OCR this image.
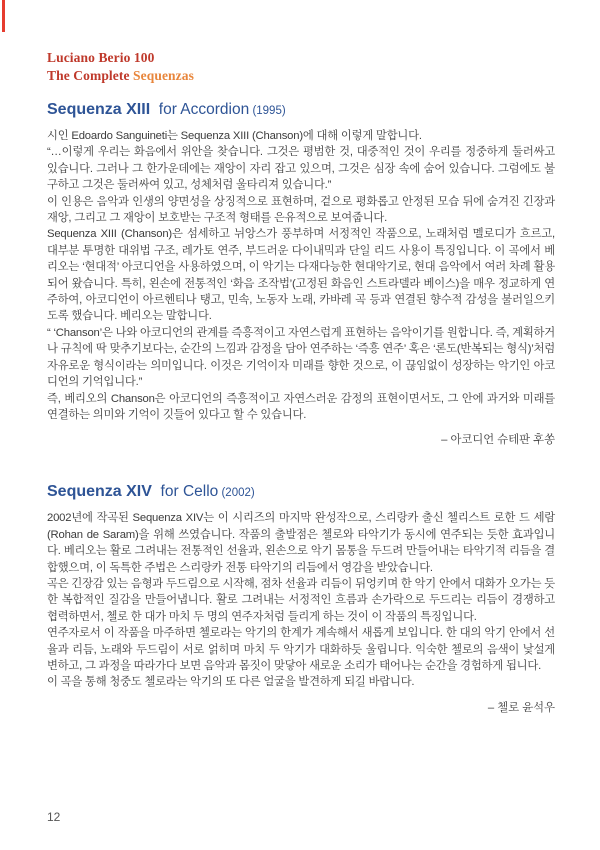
Luciano Berio 100
The Complete Sequenzas
Sequenza XIII for Accordion (1995)

시인 Edoardo Sanguineti는 Sequenza XIII (Chanson)에 대해 이렇게 말합니다.

“…이렇게 우리는 화음에서 위안을 찾습니다. 그것은 평범한 것, 대중적인 것이 우리를 정중하게 둘러싸고 있습니다. 그러나 그 한가운데에는 재앙이 자리 잡고 있으며, 그것은 심장 속에 숨어 있습니다. 그럼에도 불구하고 그것은 둘러싸여 있고, 성체처럼 울타리져 있습니다.”

이 인용은 음악과 인생의 양면성을 상징적으로 표현하며, 겉으로 평화롭고 안정된 모습 뒤에 숨겨진 긴장과 재앙, 그리고 그 재앙이 보호받는 구조적 형태를 은유적으로 보여줍니다.

Sequenza XIII (Chanson)은 섬세하고 뉘앙스가 풍부하며 서정적인 작품으로, 노래처럼 멜로디가 흐르고, 대부분 투명한 대위법 구조, 레가토 연주, 부드러운 다이내믹과 단일 리드 사용이 특징입니다. 이 곡에서 베리오는 ‘현대적’ 아코디언을 사용하였으며, 이 악기는 다재다능한 현대악기로, 현대 음악에서 여러 차례 활용되어 왔습니다. 특히, 왼손에 전통적인 ‘화음 조작법’(고정된 화음인 스트라델라 베이스)을 매우 정교하게 연주하여, 아코디언이 아르헨티나 탱고, 민속, 노동자 노래, 카바레 곡 등과 연결된 향수적 감성을 불러일으키도록 했습니다. 베리오는 말합니다.

“ ‘Chanson’은 나와 아코디언의 관계를 즉흥적이고 자연스럽게 표현하는 음악이기를 원합니다. 즉, 계획하거나 규칙에 딱 맞추기보다는, 순간의 느낌과 감정을 담아 연주하는 ‘즉흥 연주’ 혹은 ‘론도(반복되는 형식)’처럼 자유로운 형식이라는 의미입니다. 이것은 기억이자 미래를 향한 것으로, 이 끊임없이 성장하는 악기인 아코디언의 기억입니다.”

즉, 베리오의 Chanson은 아코디언의 즉흥적이고 자연스러운 감정의 표현이면서도, 그 안에 과거와 미래를 연결하는 의미와 기억이 깃들어 있다고 할 수 있습니다.

– 아코디언 슈테판 후쏭
Sequenza XIV for Cello (2002)

2002년에 작곡된 Sequenza XIV는 이 시리즈의 마지막 완성작으로, 스리랑카 출신 첼리스트 로한 드 세람(Rohan de Saram)을 위해 쓰였습니다. 작품의 출발점은 첼로와 타악기가 동시에 연주되는 듯한 효과입니다. 베리오는 활로 그려내는 전통적인 선율과, 왼손으로 악기 몸통을 두드려 만들어내는 타악기적 리듬을 결합했으며, 이 독특한 주법은 스리랑카 전통 타악기의 리듬에서 영감을 받았습니다.

곡은 긴장감 있는 음형과 두드림으로 시작해, 점차 선율과 리듬이 뒤엉키며 한 악기 안에서 대화가 오가는 듯한 복합적인 질감을 만들어냅니다. 활로 그려내는 서정적인 흐름과 손가락으로 두드리는 리듬이 경쟁하고 협력하면서, 첼로 한 대가 마치 두 명의 연주자처럼 들리게 하는 것이 이 작품의 특징입니다.

연주자로서 이 작품을 마주하면 첼로라는 악기의 한계가 계속해서 새롭게 보입니다. 한 대의 악기 안에서 선율과 리듬, 노래와 두드림이 서로 얽히며 마치 두 악기가 대화하듯 울립니다. 익숙한 첼로의 음색이 낯설게 변하고, 그 과정을 따라가다 보면 음악과 몸짓이 맞닿아 새로운 소리가 태어나는 순간을 경험하게 됩니다.

이 곡을 통해 청중도 첼로라는 악기의 또 다른 얼굴을 발견하게 되길 바랍니다.

– 첼로 윤석우
12
